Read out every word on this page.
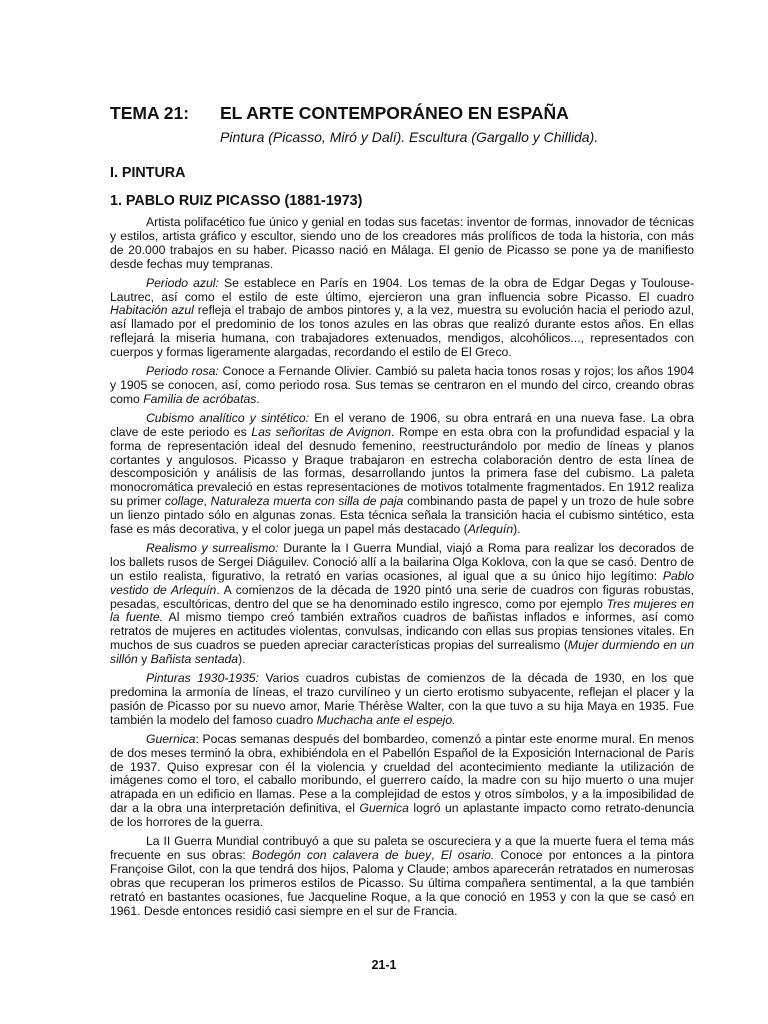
TEMA 21:	EL ARTE CONTEMPORÁNEO EN ESPAÑA
Pintura (Picasso, Miró y Dalí). Escultura (Gargallo y Chillida).
I. PINTURA
1. PABLO RUIZ PICASSO (1881-1973)

Artista polifacético fue único y genial en todas sus facetas: inventor de formas, innovador de técnicas y estilos, artista gráfico y escultor, siendo uno de los creadores más prolíficos de toda la historia, con más de 20.000 trabajos en su haber. Picasso nació en Málaga. El genio de Picasso se pone ya de manifiesto desde fechas muy tempranas.

Periodo azul: Se establece en París en 1904. Los temas de la obra de Edgar Degas y Toulouse-Lautrec, así como el estilo de este último, ejercieron una gran influencia sobre Picasso. El cuadro Habitación azul refleja el trabajo de ambos pintores y, a la vez, muestra su evolución hacia el periodo azul, así llamado por el predominio de los tonos azules en las obras que realizó durante estos años. En ellas reflejará la miseria humana, con trabajadores extenuados, mendigos, alcohólicos..., representados con cuerpos y formas ligeramente alargadas, recordando el estilo de El Greco.

Periodo rosa: Conoce a Fernande Olivier. Cambió su paleta hacia tonos rosas y rojos; los años 1904 y 1905 se conocen, así, como periodo rosa. Sus temas se centraron en el mundo del circo, creando obras como Familia de acróbatas.

Cubismo analítico y sintético: En el verano de 1906, su obra entrará en una nueva fase. La obra clave de este periodo es Las señoritas de Avignon. Rompe en esta obra con la profundidad espacial y la forma de representación ideal del desnudo femenino, reestructurándolo por medio de líneas y planos cortantes y angulosos. Picasso y Braque trabajaron en estrecha colaboración dentro de esta línea de descomposición y análisis de las formas, desarrollando juntos la primera fase del cubismo. La paleta monocromática prevaleció en estas representaciones de motivos totalmente fragmentados. En 1912 realiza su primer collage, Naturaleza muerta con silla de paja combinando pasta de papel y un trozo de hule sobre un lienzo pintado sólo en algunas zonas. Esta técnica señala la transición hacia el cubismo sintético, esta fase es más decorativa, y el color juega un papel más destacado (Arlequín).

Realismo y surrealismo: Durante la I Guerra Mundial, viajó a Roma para realizar los decorados de los ballets rusos de Sergei Diáguilev. Conoció allí a la bailarina Olga Koklova, con la que se casó. Dentro de un estilo realista, figurativo, la retrató en varias ocasiones, al igual que a su único hijo legítimo: Pablo vestido de Arlequín. A comienzos de la década de 1920 pintó una serie de cuadros con figuras robustas, pesadas, escultóricas, dentro del que se ha denominado estilo ingresco, como por ejemplo Tres mujeres en la fuente. Al mismo tiempo creó también extraños cuadros de bañistas inflados e informes, así como retratos de mujeres en actitudes violentas, convulsas, indicando con ellas sus propias tensiones vitales. En muchos de sus cuadros se pueden apreciar características propias del surrealismo (Mujer durmiendo en un sillón y Bañista sentada).

Pinturas 1930-1935: Varios cuadros cubistas de comienzos de la década de 1930, en los que predomina la armonía de líneas, el trazo curvilíneo y un cierto erotismo subyacente, reflejan el placer y la pasión de Picasso por su nuevo amor, Marie Thérèse Walter, con la que tuvo a su hija Maya en 1935. Fue también la modelo del famoso cuadro Muchacha ante el espejo.

Guernica: Pocas semanas después del bombardeo, comenzó a pintar este enorme mural. En menos de dos meses terminó la obra, exhibiéndola en el Pabellón Español de la Exposición Internacional de París de 1937. Quiso expresar con él la violencia y crueldad del acontecimiento mediante la utilización de imágenes como el toro, el caballo moribundo, el guerrero caído, la madre con su hijo muerto o una mujer atrapada en un edificio en llamas. Pese a la complejidad de estos y otros símbolos, y a la imposibilidad de dar a la obra una interpretación definitiva, el Guernica logró un aplastante impacto como retrato-denuncia de los horrores de la guerra.

La II Guerra Mundial contribuyó a que su paleta se oscureciera y a que la muerte fuera el tema más frecuente en sus obras: Bodegón con calavera de buey, El osario. Conoce por entonces a la pintora Françoise Gilot, con la que tendrá dos hijos, Paloma y Claude; ambos aparecerán retratados en numerosas obras que recuperan los primeros estilos de Picasso. Su última compañera sentimental, a la que también retrató en bastantes ocasiones, fue Jacqueline Roque, a la que conoció en 1953 y con la que se casó en 1961. Desde entonces residió casi siempre en el sur de Francia.

21-1
